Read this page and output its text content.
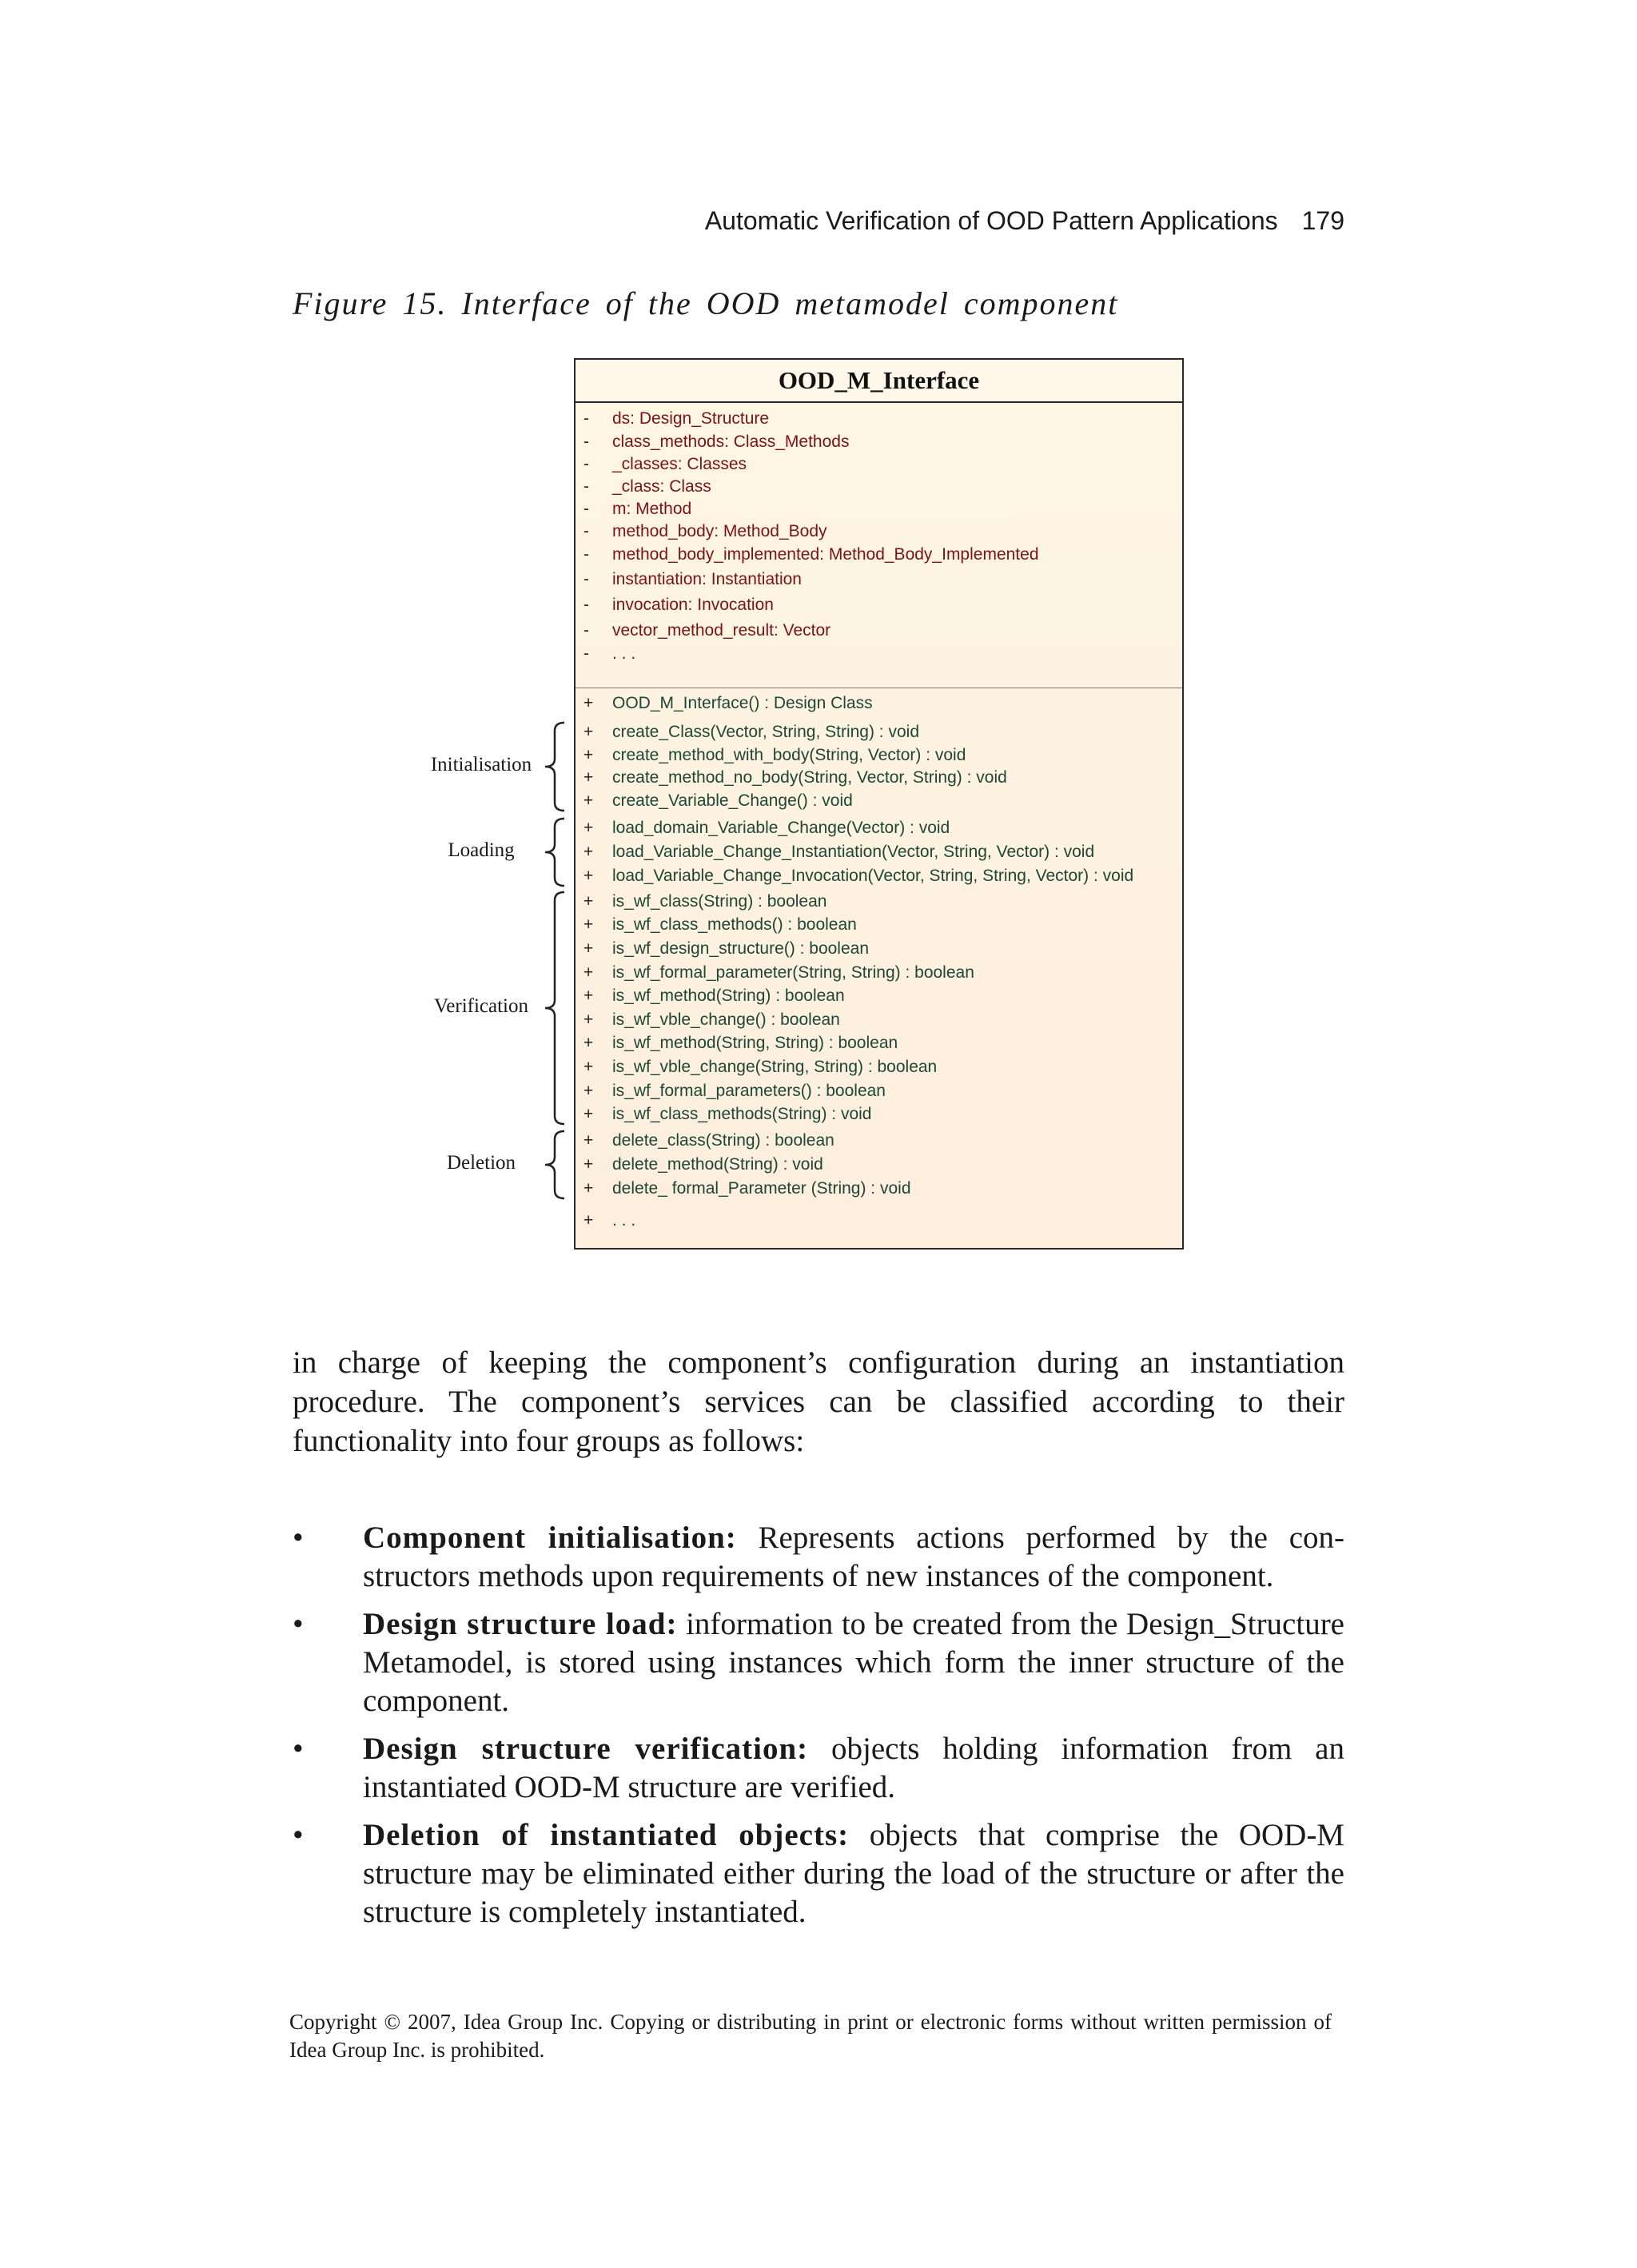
Automatic Verification of OOD Pattern Applications 179
Figure 15. Interface of the OOD metamodel component
OOD_M_Interface
-	ds: Design_Structure
-	class_methods: Class_Methods
-	_classes: Classes
-	_class: Class
-	m: Method
-	method_body: Method_Body
-	method_body_implemented: Method_Body_Implemented
-	instantiation: Instantiation
-	invocation: Invocation
-	vector_method_result: Vector
-	. . .
+	OOD_M_Interface() : Design Class
+	create_Class(Vector, String, String) : void
+	create_method_with_body(String, Vector) : void
+	create_method_no_body(String, Vector, String) : void
+	create_Variable_Change() : void
+	load_domain_Variable_Change(Vector) : void
+	load_Variable_Change_Instantiation(Vector, String, Vector) : void
+	load_Variable_Change_Invocation(Vector, String, String, Vector) : void
+	is_wf_class(String) : boolean
+	is_wf_class_methods() : boolean
+	is_wf_design_structure() : boolean
+	is_wf_formal_parameter(String, String) : boolean
+	is_wf_method(String) : boolean
+	is_wf_vble_change() : boolean
+	is_wf_method(String, String) : boolean
+	is_wf_vble_change(String, String) : boolean
+	is_wf_formal_parameters() : boolean
+	is_wf_class_methods(String) : void
+	delete_class(String) : boolean
+	delete_method(String) : void
+	delete_ formal_Parameter (String) : void
+	. . .
Initialisation
Loading
Verification
Deletion
in charge of keeping the component’s configuration during an instantiation procedure. The component’s services can be classified according to their functionality into four groups as follows:
• Component initialisation: Represents actions performed by the con-structors methods upon requirements of new instances of the component.
• Design structure load: information to be created from the Design_Structure Metamodel, is stored using instances which form the inner structure of the component.
• Design structure verification: objects holding information from an instantiated OOD-M structure are verified.
• Deletion of instantiated objects: objects that comprise the OOD-M structure may be eliminated either during the load of the structure or after the structure is completely instantiated.
Copyright © 2007, Idea Group Inc. Copying or distributing in print or electronic forms without written permission of Idea Group Inc. is prohibited.
